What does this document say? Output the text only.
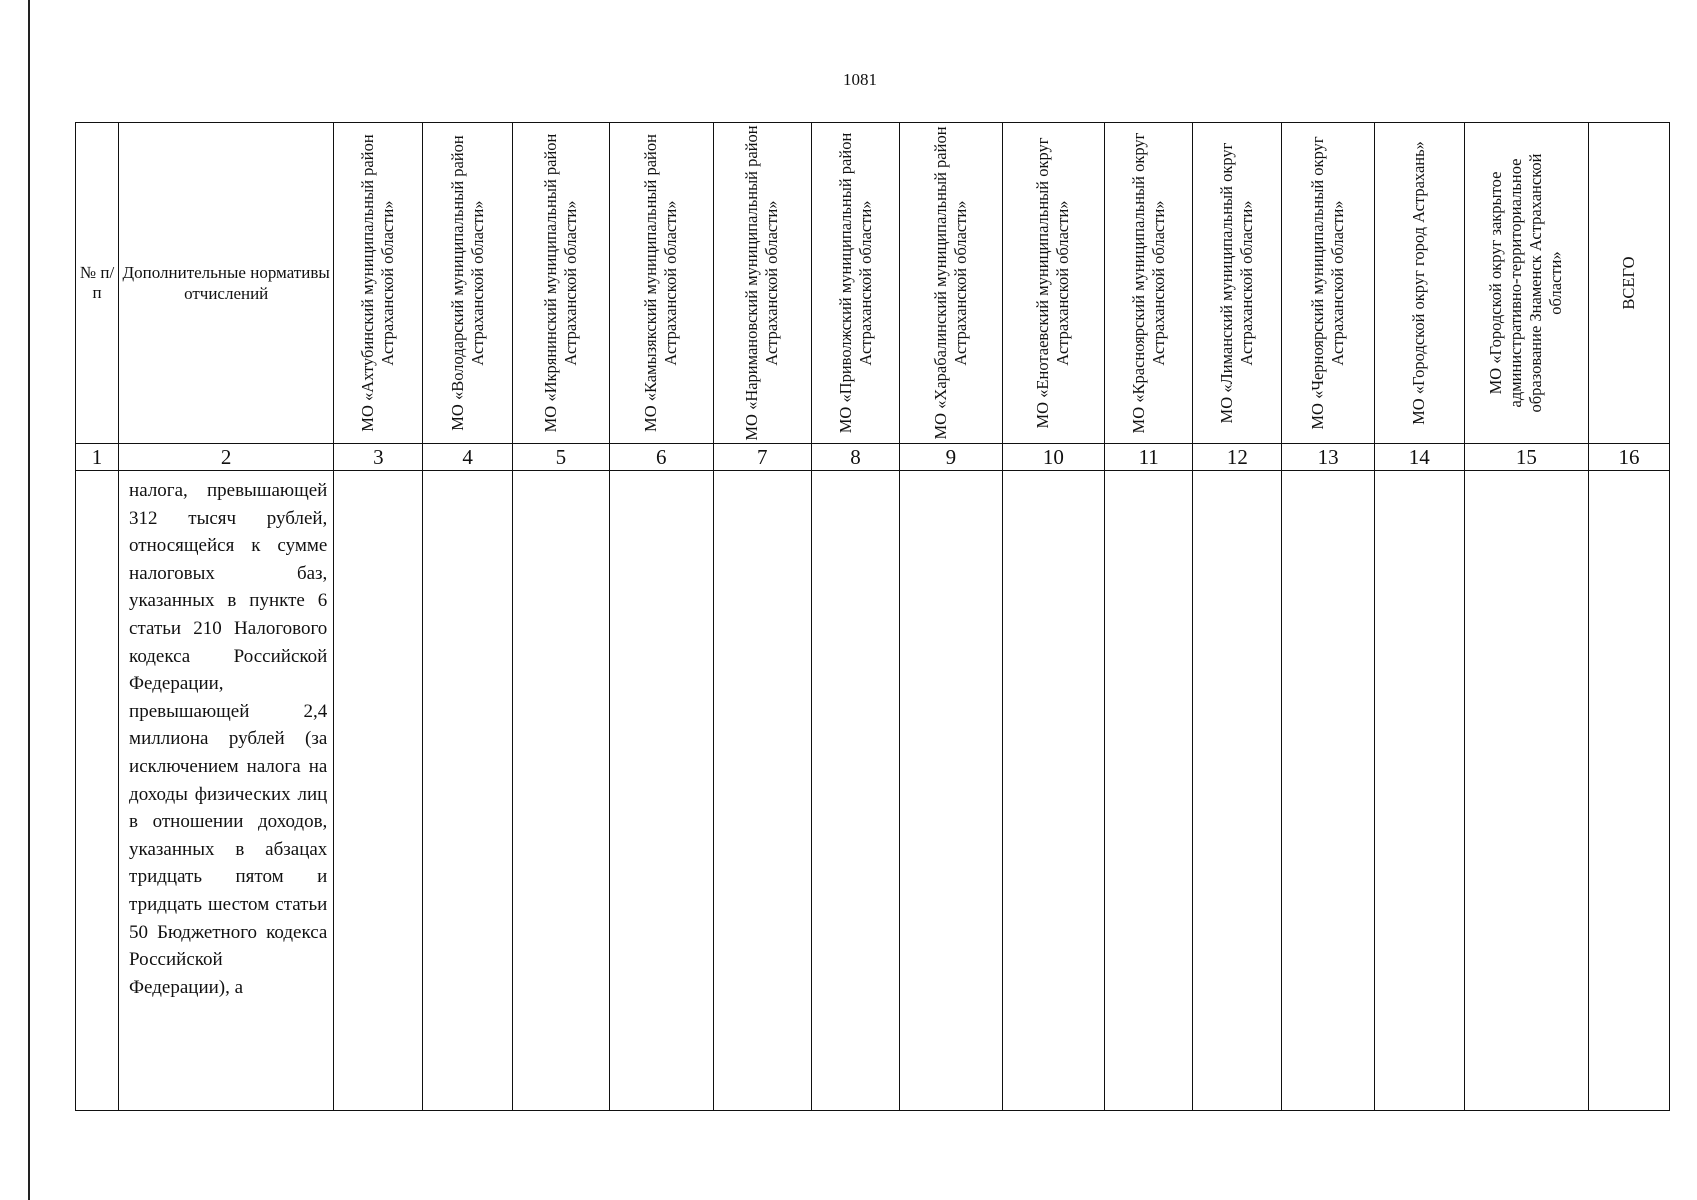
1081
№ п/п	Дополнительные нормативы отчислений	МО «Ахтубинский муниципальный район Астраханской области»	МО «Володарский муниципальный район Астраханской области»	МО «Икрянинский муниципальный район Астраханской области»	МО «Камызякский муниципальный район Астраханской области»	МО «Наримановский муниципальный район Астраханской области»	МО «Приволжский муниципальный район Астраханской области»	МО «Харабалинский муниципальный район Астраханской области»	МО «Енотаевский муниципальный округ Астраханской области»	МО «Красноярский муниципальный округ Астраханской области»	МО «Лиманский муниципальный округ Астраханской области»	МО «Черноярский муниципальный округ Астраханской области»	МО «Городской округ город Астрахань»	МО «Городской округ закрытое административно-территориальное образование Знаменск Астраханской области»	ВСЕГО

1	2	3	4	5	6	7	8	9	10	11	12	13	14	15	16

	налога, превышающей 312 тысяч рублей, относящейся к сумме налоговых баз, указанных в пункте 6 статьи 210 Налогового кодекса Российской Федерации, превышающей 2,4 миллиона рублей (за исключением налога на доходы физических лиц в отношении доходов, указанных в абзацах тридцать пятом и тридцать шестом статьи 50 Бюджетного кодекса Российской Федерации), а														
